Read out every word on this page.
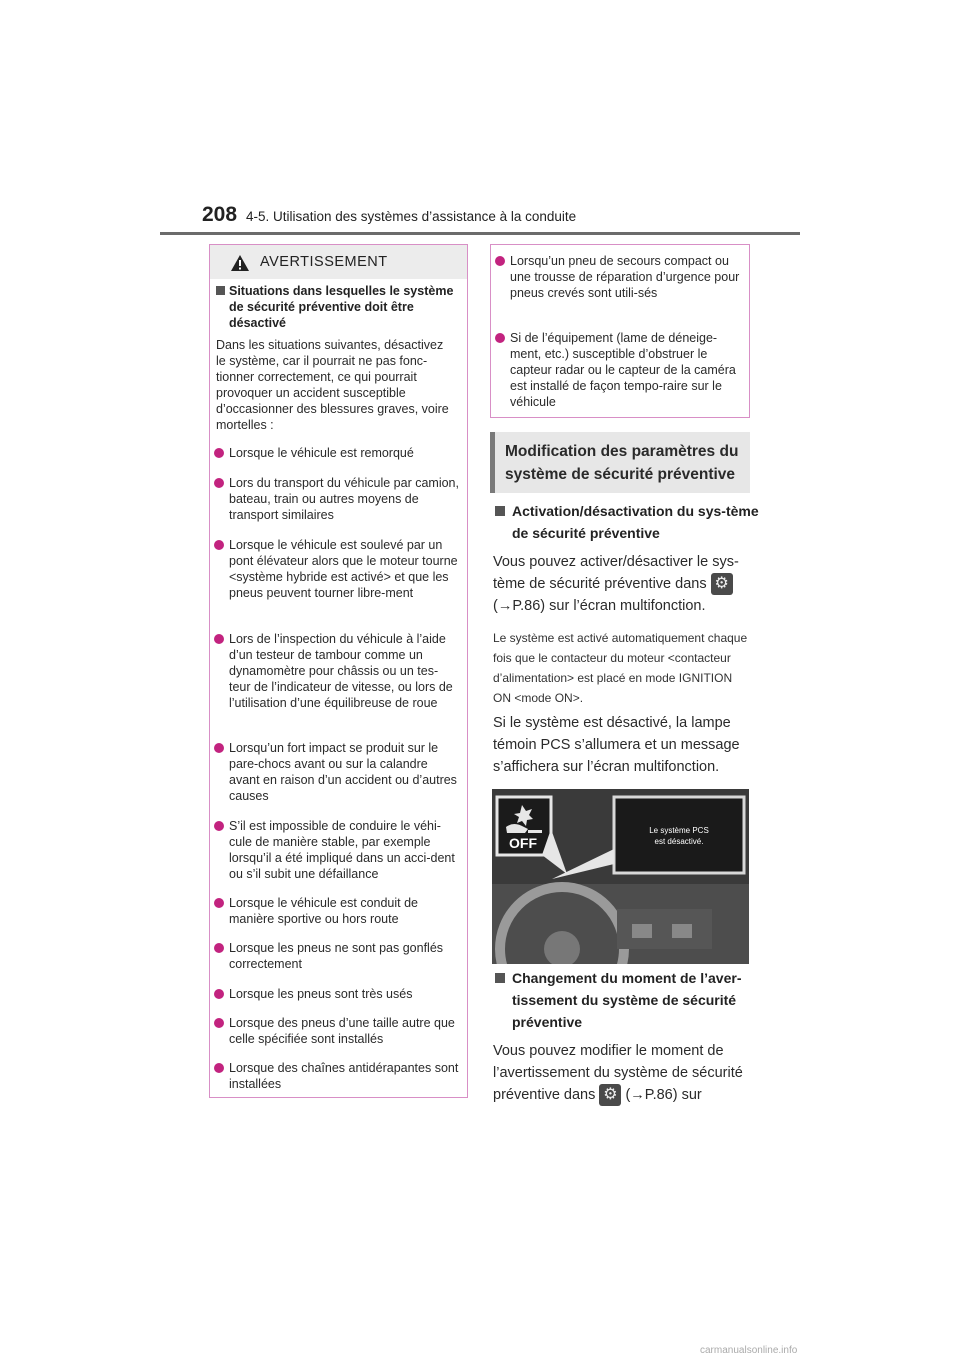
208 4-5. Utilisation des systèmes d’assistance à la conduite
AVERTISSEMENT
Situations dans lesquelles le système de sécurité préventive doit être désactivé
Dans les situations suivantes, désactivez le système, car il pourrait ne pas fonc-tionner correctement, ce qui pourrait provoquer un accident susceptible d’occasionner des blessures graves, voire mortelles :
Lorsque le véhicule est remorqué
Lors du transport du véhicule par camion, bateau, train ou autres moyens de transport similaires
Lorsque le véhicule est soulevé par un pont élévateur alors que le moteur tourne <système hybride est activé> et que les pneus peuvent tourner libre-ment
Lors de l’inspection du véhicule à l’aide d’un testeur de tambour comme un dynamomètre pour châssis ou un tes-teur de l’indicateur de vitesse, ou lors de l’utilisation d’une équilibreuse de roue
Lorsqu’un fort impact se produit sur le pare-chocs avant ou sur la calandre avant en raison d’un accident ou d’autres causes
S’il est impossible de conduire le véhi-cule de manière stable, par exemple lorsqu’il a été impliqué dans un acci-dent ou s’il subit une défaillance
Lorsque le véhicule est conduit de manière sportive ou hors route
Lorsque les pneus ne sont pas gonflés correctement
Lorsque les pneus sont très usés
Lorsque des pneus d’une taille autre que celle spécifiée sont installés
Lorsque des chaînes antidérapantes sont installées
Lorsqu’un pneu de secours compact ou une trousse de réparation d’urgence pour pneus crevés sont utili-sés
Si de l’équipement (lame de déneige-ment, etc.) susceptible d’obstruer le capteur radar ou le capteur de la caméra est installé de façon tempo-raire sur le véhicule
Modification des paramètres du système de sécurité préventive
Activation/désactivation du sys-tème de sécurité préventive
Vous pouvez activer/désactiver le sys-tème de sécurité préventive dans ⚙ (→P.86) sur l’écran multifonction.
Le système est activé automatiquement chaque fois que le contacteur du moteur <contacteur d’alimentation> est placé en mode IGNITION ON <mode ON>.
Si le système est désactivé, la lampe témoin PCS s’allumera et un message s’affichera sur l’écran multifonction.
OFF
Le système PCS
est désactivé.
Changement du moment de l’aver-tissement du système de sécurité préventive
Vous pouvez modifier le moment de l’avertissement du système de sécurité préventive dans ⚙ (→P.86) sur
carmanualsonline.info
